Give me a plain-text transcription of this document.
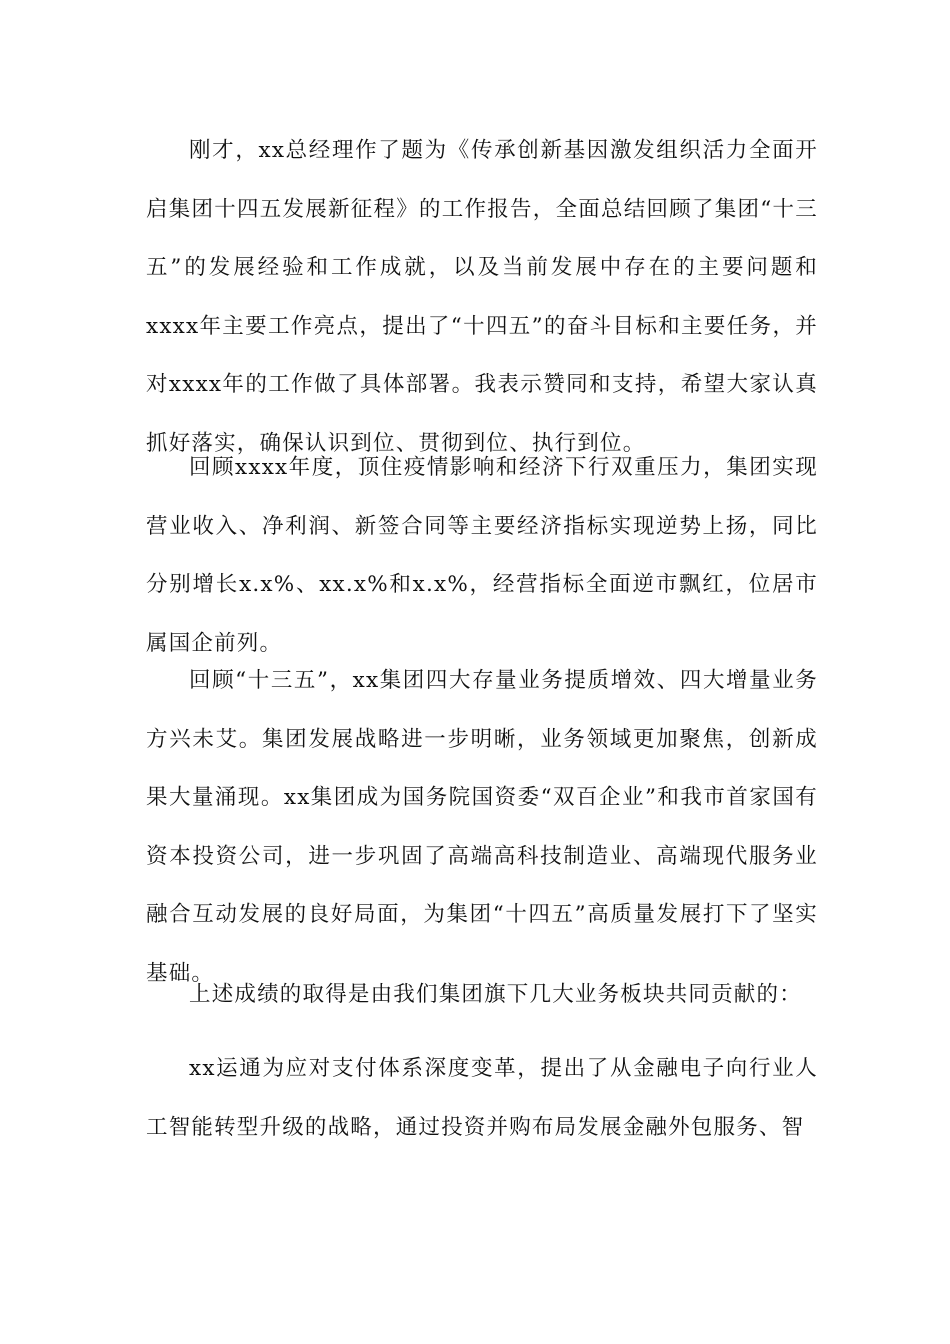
刚才，xx总经理作了题为《传承创新基因激发组织活力全面开启集团十四五发展新征程》的工作报告，全面总结回顾了集团“十三五”的发展经验和工作成就，以及当前发展中存在的主要问题和xxxx年主要工作亮点，提出了“十四五”的奋斗目标和主要任务，并对xxxx年的工作做了具体部署。我表示赞同和支持，希望大家认真抓好落实，确保认识到位、贯彻到位、执行到位。

回顾xxxx年度，顶住疫情影响和经济下行双重压力，集团实现营业收入、净利润、新签合同等主要经济指标实现逆势上扬，同比分别增长x.x%、xx.x%和x.x%，经营指标全面逆市飘红，位居市属国企前列。

回顾“十三五”，xx集团四大存量业务提质增效、四大增量业务方兴未艾。集团发展战略进一步明晰，业务领域更加聚焦，创新成果大量涌现。xx集团成为国务院国资委“双百企业”和我市首家国有资本投资公司，进一步巩固了高端高科技制造业、高端现代服务业融合互动发展的良好局面，为集团“十四五”高质量发展打下了坚实基础。

上述成绩的取得是由我们集团旗下几大业务板块共同贡献的：

xx运通为应对支付体系深度变革，提出了从金融电子向行业人工智能转型升级的战略，通过投资并购布局发展金融外包服务、智
